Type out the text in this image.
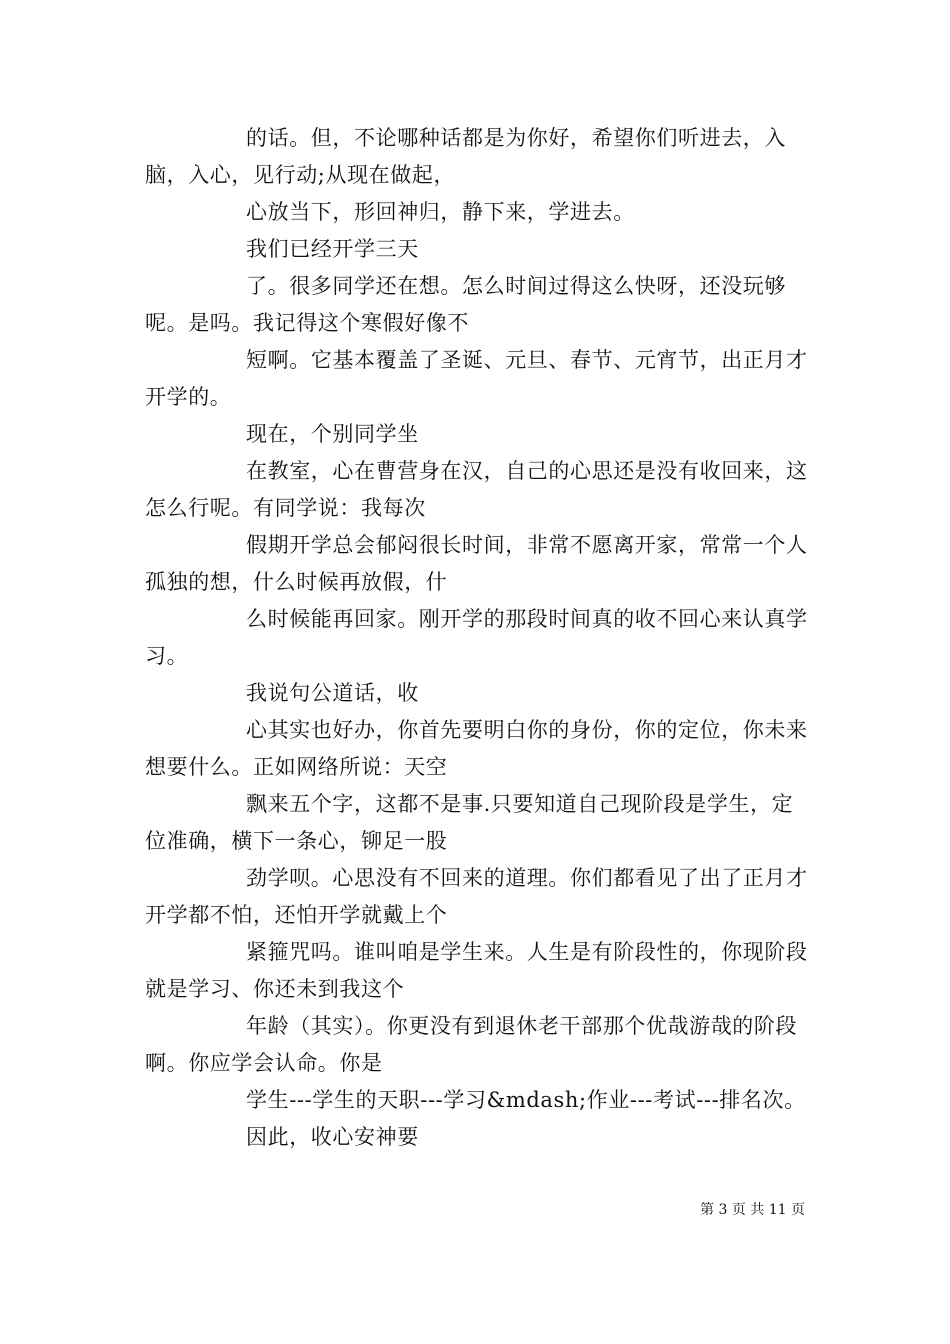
的话。但，不论哪种话都是为你好，希望你们听进去，入脑，入心，见行动;从现在做起，

心放当下，形回神归，静下来，学进去。

我们已经开学三天

了。很多同学还在想。怎么时间过得这么快呀，还没玩够呢。是吗。我记得这个寒假好像不

短啊。它基本覆盖了圣诞、元旦、春节、元宵节，出正月才开学的。

现在，个别同学坐

在教室，心在曹营身在汉，自己的心思还是没有收回来，这怎么行呢。有同学说：我每次

假期开学总会郁闷很长时间，非常不愿离开家，常常一个人孤独的想，什么时候再放假，什

么时候能再回家。刚开学的那段时间真的收不回心来认真学习。

我说句公道话，收

心其实也好办，你首先要明白你的身份，你的定位，你未来想要什么。正如网络所说：天空

飘来五个字，这都不是事.只要知道自己现阶段是学生，定位准确，横下一条心，铆足一股

劲学呗。心思没有不回来的道理。你们都看见了出了正月才开学都不怕，还怕开学就戴上个

紧箍咒吗。谁叫咱是学生来。人生是有阶段性的，你现阶段就是学习、你还未到我这个

年龄（其实）。你更没有到退休老干部那个优哉游哉的阶段啊。你应学会认命。你是

学生---学生的天职---学习&mdash;作业---考试---排名次。

因此，收心安神要

第 3 页 共 11 页
